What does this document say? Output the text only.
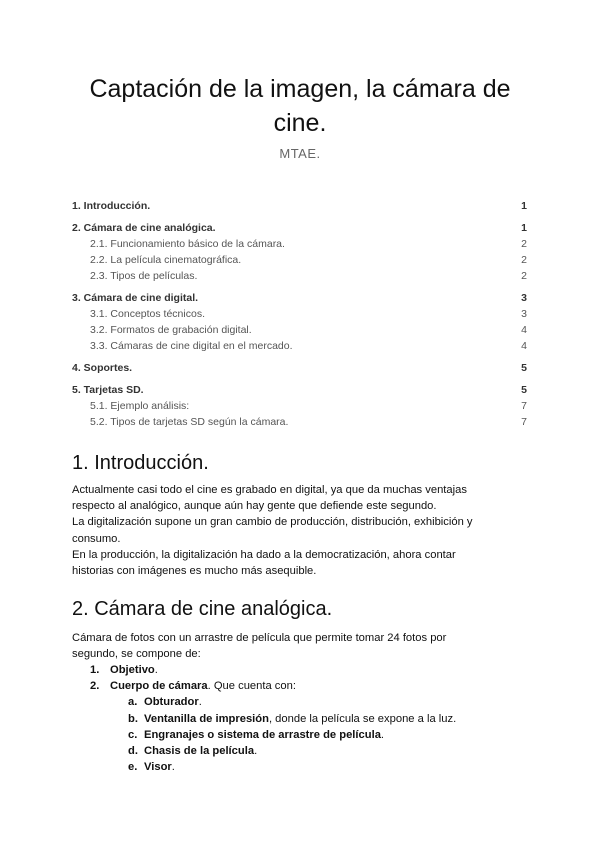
Captación de la imagen, la cámara de cine.
MTAE.
1. Introducción.	1
2. Cámara de cine analógica.	1
2.1. Funcionamiento básico de la cámara.	2
2.2. La película cinematográfica.	2
2.3. Tipos de películas.	2
3. Cámara de cine digital.	3
3.1. Conceptos técnicos.	3
3.2. Formatos de grabación digital.	4
3.3. Cámaras de cine digital en el mercado.	4
4. Soportes.	5
5. Tarjetas SD.	5
5.1. Ejemplo análisis:	7
5.2. Tipos de tarjetas SD según la cámara.	7
1. Introducción.
Actualmente casi todo el cine es grabado en digital, ya que da muchas ventajas
respecto al analógico, aunque aún hay gente que defiende este segundo.
La digitalización supone un gran cambio de producción, distribución, exhibición y
consumo.
En la producción, la digitalización ha dado a la democratización, ahora contar
historias con imágenes es mucho más asequible.
2. Cámara de cine analógica.
Cámara de fotos con un arrastre de película que permite tomar 24 fotos por
segundo, se compone de:
1. Objetivo.
2. Cuerpo de cámara. Que cuenta con:
a. Obturador.
b. Ventanilla de impresión, donde la película se expone a la luz.
c. Engranajes o sistema de arrastre de película.
d. Chasis de la película.
e. Visor.
